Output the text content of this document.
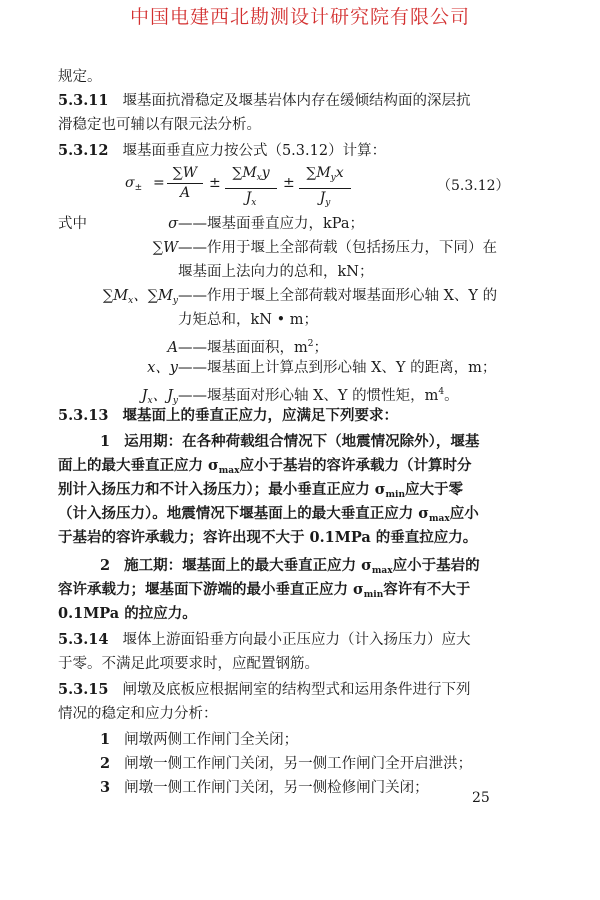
中国电建西北勘测设计研究院有限公司
规定。
5.3.11 堰基面抗滑稳定及堰基岩体内存在缓倾结构面的深层抗
滑稳定也可辅以有限元法分析。
5.3.12 堰基面垂直应力按公式（5.3.12）计算：
$\sigma_\pm = \frac{\sum W}{A}$ ±
$\sum M_xy$
$J_x$
±
$\sum M_yx$
$J_y$
（5.3.12）
式中	σ——堰基面垂直应力，kPa；
∑W——作用于堰上全部荷载（包括扬压力，下同）在
堰基面上法向力的总和，kN；
$\sum M_x$、$\sum M_y——$作用于堰上全部荷载对堰基面形心轴 X、Y 的
力矩总和，kN • m；
A——堰基面面积，$m^2$；
x、y——堰基面上计算点到形心轴 X、Y 的距离，m；
$J_x$、$J_y——$堰基面对形心轴 X、Y 的惯性矩，$m^4$。
5.3.13 堰基面上的垂直正应力，应满足下列要求：
1 运用期：在各种荷载组合情况下（地震情况除外），堰基
面上的最大垂直正应力 $\sigma_{max}$应小于基岩的容许承载力（计算时分
别计入扬压力和不计入扬压力）；最小垂直正应力 $\sigma_{min}$应大于零
（计入扬压力）。地震情况下堰基面上的最大垂直正应力 $\sigma_{max}$应小
于基岩的容许承载力；容许出现不大于 0.1MPa 的垂直拉应力。
2 施工期：堰基面上的最大垂直正应力 $\sigma_{max}$应小于基岩的
容许承载力；堰基面下游端的最小垂直正应力 $\sigma_{min}$容许有不大于
0.1MPa 的拉应力。
5.3.14 堰体上游面铅垂方向最小正压应力（计入扬压力）应大
于零。不满足此项要求时，应配置钢筋。
5.3.15 闸墩及底板应根据闸室的结构型式和运用条件进行下列
情况的稳定和应力分析：
1 闸墩两侧工作闸门全关闭；
2 闸墩一侧工作闸门关闭，另一侧工作闸门全开启泄洪；
3 闸墩一侧工作闸门关闭，另一侧检修闸门关闭；
25
